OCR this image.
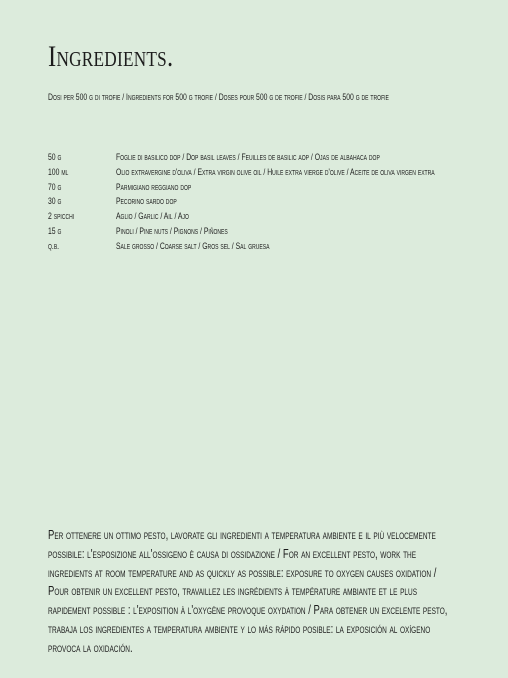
Ingredients.
Dosi per 500 g di trofie / Ingredients for 500 g trofie / Doses pour 500 g de trofie / Dosis para 500 g de trofie
50 g	Foglie di basilico dop / Dop basil leaves / Feuilles de basilic aop / Ojas de albahaca dop
100 ml	Olio extravergine d'oliva / Extra virgin olive oil / Huile extra vierge d'olive / Aceite de oliva virgen extra
70 g	Parmigiano reggiano dop
30 g	Pecorino sardo dop
2 spicchi	Aglio / Garlic / Ail / Ajo
15 g	Pinoli / Pine nuts / Pignons / Piñones
q.b.	Sale grosso / Coarse salt / Gros sel / Sal gruesa

Per ottenere un ottimo pesto, lavorate gli ingredienti a temperatura ambiente e il più velocemente possibile: l'esposizione all'ossigeno è causa di ossidazione / For an excellent pesto, work the ingredients at room temperature and as quickly as possible: exposure to oxygen causes oxidation / Pour obtenir un excellent pesto, travaillez les ingrédients à température ambiante et le plus rapidement possible : l'exposition à l'oxygène provoque oxydation / Para obtener un excelente pesto, trabaja los ingredientes a temperatura ambiente y lo más rápido posible: la exposición al oxígeno provoca la oxidación.
